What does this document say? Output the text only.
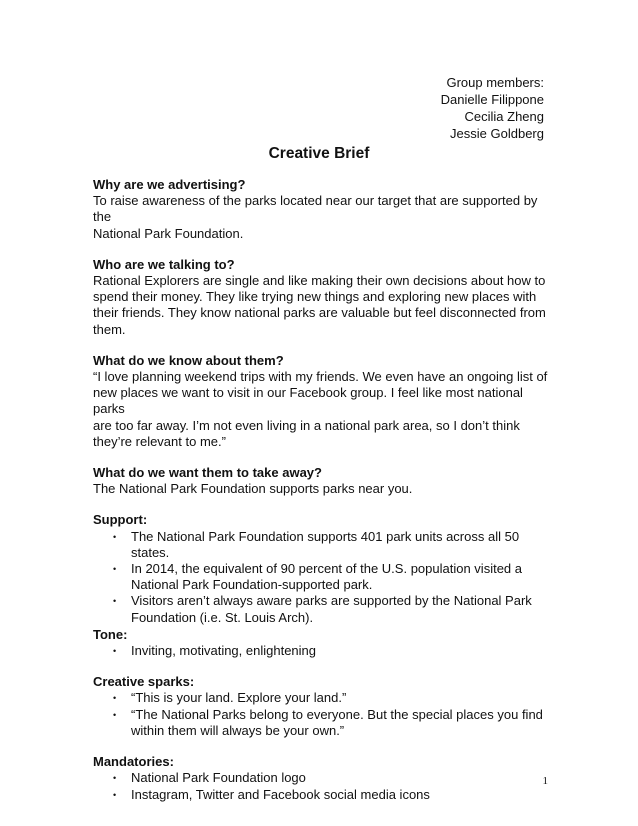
Group members:
Danielle Filippone
Cecilia Zheng
Jessie Goldberg
Creative Brief
Why are we advertising?
To raise awareness of the parks located near our target that are supported by the
National Park Foundation.
Who are we talking to?
Rational Explorers are single and like making their own decisions about how to
spend their money. They like trying new things and exploring new places with
their friends. They know national parks are valuable but feel disconnected from
them.
What do we know about them?
“I love planning weekend trips with my friends. We even have an ongoing list of
new places we want to visit in our Facebook group. I feel like most national parks
are too far away. I’m not even living in a national park area, so I don’t think
they’re relevant to me.”
What do we want them to take away?
The National Park Foundation supports parks near you.
Support:
• The National Park Foundation supports 401 park units across all 50 states.
• In 2014, the equivalent of 90 percent of the U.S. population visited a
National Park Foundation-supported park.
• Visitors aren’t always aware parks are supported by the National Park
Foundation (i.e. St. Louis Arch).
Tone:
• Inviting, motivating, enlightening
Creative sparks:
• “This is your land. Explore your land.”
• “The National Parks belong to everyone. But the special places you find
within them will always be your own.”
Mandatories:
• National Park Foundation logo
• Instagram, Twitter and Facebook social media icons
1
